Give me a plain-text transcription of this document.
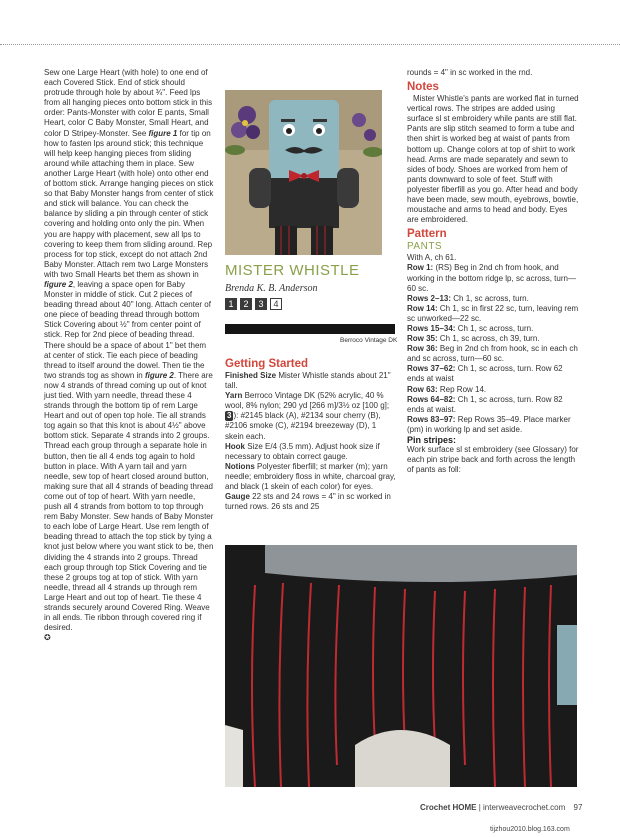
Sew one Large Heart (with hole) to one end of each Covered Stick. End of stick should protrude through hole by about ¾". Feed lps from all hanging pieces onto bottom stick in this order: Pants-Monster with color E pants, Small Heart, color C Baby Monster, Small Heart, and color D Stripey-Monster. See figure 1 for tip on how to fasten lps around stick; this technique will help keep hanging pieces from sliding around while attaching them in place. Sew another Large Heart (with hole) onto other end of bottom stick. Arrange hanging pieces on stick so that Baby Monster hangs from center of stick and stick will balance. You can check the balance by sliding a pin through center of stick covering and holding onto only the pin. When you are happy with placement, sew all lps to covering to keep them from sliding around. Rep process for top stick, except do not attach 2nd Baby Monster. Attach rem two Large Monsters with two Small Hearts bet them as shown in figure 2, leaving a space open for Baby Monster in middle of stick. Cut 2 pieces of beading thread about 40" long. Attach center of one piece of beading thread through bottom Stick Covering about ½" from center point of stick. Rep for 2nd piece of beading thread. There should be a space of about 1" bet them at center of stick. Tie each piece of beading thread to itself around the dowel. Then tie the two strands tog as shown in figure 2. There are now 4 strands of thread coming up out of knot just tied. With yarn needle, thread these 4 strands through the bottom tip of rem Large Heart and out of open top hole. Tie all strands tog again so that this knot is about 4½" above bottom stick. Separate 4 strands into 2 groups. Thread each group through a separate hole in button, then tie all 4 ends tog again to hold button in place. With A yarn tail and yarn needle, sew top of heart closed around button, making sure that all 4 strands of beading thread come out of top of heart. With yarn needle, push all 4 strands from bottom to top through rem Baby Monster. Sew hands of Baby Monster to each lobe of Large Heart. Use rem length of beading thread to attach the top stick by tying a knot just below where you want stick to be, then dividing the 4 strands into 2 groups. Thread each group through top Stick Covering and tie these 2 groups tog at top of stick. With yarn needle, thread all 4 strands up through rem Large Heart and out top of heart. Tie these 4 strands securely around Covered Ring. Weave in all ends. Tie ribbon through covered ring if desired.

✪
MISTER WHISTLE
Brenda K. B. Anderson
1	2	3	4
Berroco Vintage DK
Getting Started

Finished Size Mister Whistle stands about 21" tall.

Yarn Berroco Vintage DK (52% acrylic, 40 % wool, 8% nylon; 290 yd [266 m]/3½ oz [100 g]; 3 ): #2145 black (A), #2134 sour cherry (B), #2106 smoke (C), #2194 breezeway (D), 1 skein each.

Hook Size E/4 (3.5 mm). Adjust hook size if necessary to obtain correct gauge.

Notions Polyester fiberfill; st marker (m); yarn needle; embroidery floss in white, charcoal gray, and black (1 skein of each color) for eyes.

Gauge 22 sts and 24 rows = 4" in sc worked in turned rows. 26 sts and 25

rounds = 4" in sc worked in the rnd.

Notes

Mister Whistle's pants are worked flat in turned vertical rows. The stripes are added using surface sl st embroidery while pants are still flat. Pants are slip stitch seamed to form a tube and then shirt is worked beg at waist of pants from bottom up. Change colors at top of shirt to work head. Arms are made separately and sewn to sides of body. Shoes are worked from hem of pants downward to sole of feet. Stuff with polyester fiberfill as you go. After head and body have been made, sew mouth, eyebrows, bowtie, moustache and arms to head and body. Eyes are embroidered.

Pattern
PANTS

With A, ch 61.

Row 1: (RS) Beg in 2nd ch from hook, and working in the bottom ridge lp, sc across, turn—60 sc.

Rows 2–13: Ch 1, sc across, turn.

Row 14: Ch 1, sc in first 22 sc, turn, leaving rem sc unworked—22 sc.

Rows 15–34: Ch 1, sc across, turn.

Row 35: Ch 1, sc across, ch 39, turn.

Row 36: Beg in 2nd ch from hook, sc in each ch and sc across, turn—60 sc.

Rows 37–62: Ch 1, sc across, turn. Row 62 ends at waist

Row 63: Rep Row 14.

Rows 64–82: Ch 1, sc across, turn. Row 82 ends at waist.

Rows 83–97: Rep Rows 35–49. Place marker (pm) in working lp and set aside.

Pin stripes:

Work surface sl st embroidery (see Glossary) for each pin stripe back and forth across the length of pants as foll:

Crochet HOME | interweavecrochet.com 97
tijzhou2010.blog.163.com
